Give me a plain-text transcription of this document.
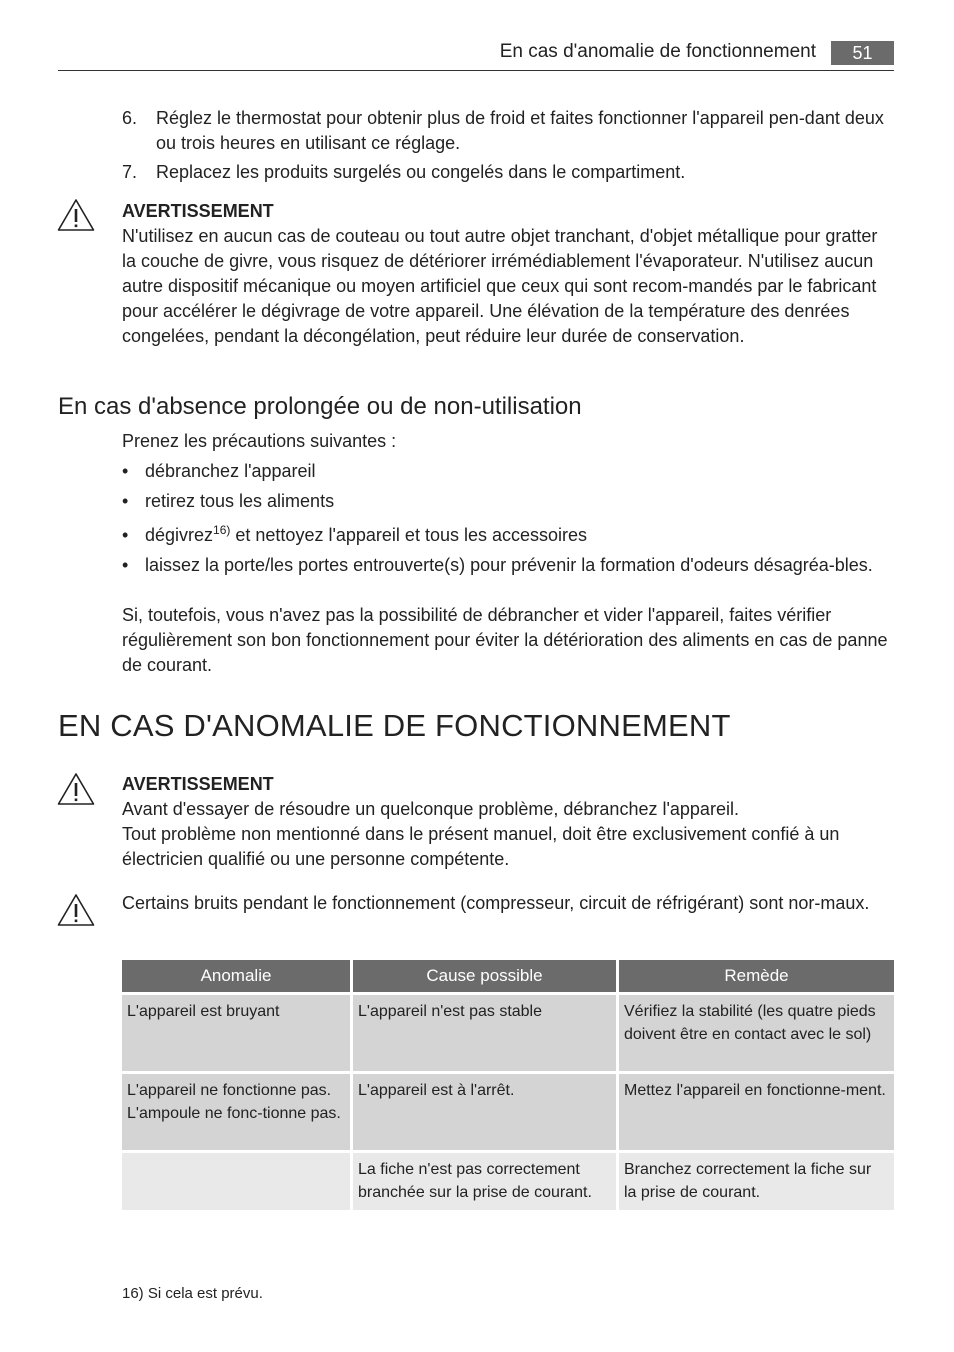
En cas d'anomalie de fonctionnement	51
6.	Réglez le thermostat pour obtenir plus de froid et faites fonctionner l'appareil pen-dant deux ou trois heures en utilisant ce réglage.
7.	Replacez les produits surgelés ou congelés dans le compartiment.
AVERTISSEMENT
N'utilisez en aucun cas de couteau ou tout autre objet tranchant, d'objet métallique pour gratter la couche de givre, vous risquez de détériorer irrémédiablement l'évaporateur. N'utilisez aucun autre dispositif mécanique ou moyen artificiel que ceux qui sont recom-mandés par le fabricant pour accélérer le dégivrage de votre appareil. Une élévation de la température des denrées congelées, pendant la décongélation, peut réduire leur durée de conservation.
En cas d'absence prolongée ou de non-utilisation
Prenez les précautions suivantes :
• débranchez l'appareil
• retirez tous les aliments
• dégivrez$^{16)}$ et nettoyez l'appareil et tous les accessoires
• laissez la porte/les portes entrouverte(s) pour prévenir la formation d'odeurs désagréa-bles.
Si, toutefois, vous n'avez pas la possibilité de débrancher et vider l'appareil, faites vérifier régulièrement son bon fonctionnement pour éviter la détérioration des aliments en cas de panne de courant.
EN CAS D'ANOMALIE DE FONCTIONNEMENT
AVERTISSEMENT
Avant d'essayer de résoudre un quelconque problème, débranchez l'appareil.
Tout problème non mentionné dans le présent manuel, doit être exclusivement confié à un électricien qualifié ou une personne compétente.
Certains bruits pendant le fonctionnement (compresseur, circuit de réfrigérant) sont nor-maux.
Anomalie	Cause possible	Remède
L'appareil est bruyant	L'appareil n'est pas stable	Vérifiez la stabilité (les quatre pieds doivent être en contact avec le sol)
L'appareil ne fonctionne pas. L'ampoule ne fonc-tionne pas.	L'appareil est à l'arrêt.	Mettez l'appareil en fonctionne-ment.
	La fiche n'est pas correctement branchée sur la prise de courant.	Branchez correctement la fiche sur la prise de courant.
16) Si cela est prévu.
